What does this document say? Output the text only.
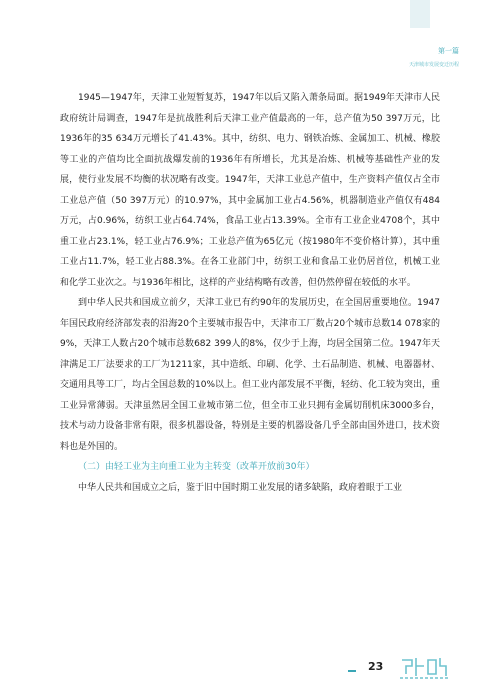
第一篇
天津城市发展变迁历程

1945—1947年，天津工业短暂复苏，1947年以后又陷入萧条局面。据1949年天津市人民政府统计局调查，1947年是抗战胜利后天津工业产值最高的一年，总产值为50 397万元，比1936年的35 634万元增长了41.43%。其中，纺织、电力、钢铁冶炼、金属加工、机械、橡胶等工业的产值均比全面抗战爆发前的1936年有所增长，尤其是冶炼、机械等基础性产业的发展，使行业发展不均衡的状况略有改变。1947年，天津工业总产值中，生产资料产值仅占全市工业总产值（50 397万元）的10.97%，其中金属加工业占4.56%，机器制造业产值仅有484万元，占0.96%，纺织工业占64.74%，食品工业占13.39%。全市有工业企业4708个，其中重工业占23.1%，轻工业占76.9%；工业总产值为65亿元（按1980年不变价格计算），其中重工业占11.7%，轻工业占88.3%。在各工业部门中，纺织工业和食品工业仍居首位，机械工业和化学工业次之。与1936年相比，这样的产业结构略有改善，但仍然停留在较低的水平。

到中华人民共和国成立前夕，天津工业已有约90年的发展历史，在全国居重要地位。1947年国民政府经济部发表的沿海20个主要城市报告中，天津市工厂数占20个城市总数14 078家的9%，天津工人数占20个城市总数682 399人的8%，仅少于上海，均居全国第二位。1947年天津满足工厂法要求的工厂为1211家，其中造纸、印刷、化学、土石品制造、机械、电器器材、交通用具等工厂，均占全国总数的10%以上。但工业内部发展不平衡，轻纺、化工较为突出，重工业异常薄弱。天津虽然居全国工业城市第二位，但全市工业只拥有金属切削机床3000多台，技术与动力设备非常有限，很多机器设备，特别是主要的机器设备几乎全部由国外进口，技术资料也是外国的。

（二）由轻工业为主向重工业为主转变（改革开放前30年）

中华人民共和国成立之后，鉴于旧中国时期工业发展的诸多缺陷，政府着眼于工业

23
